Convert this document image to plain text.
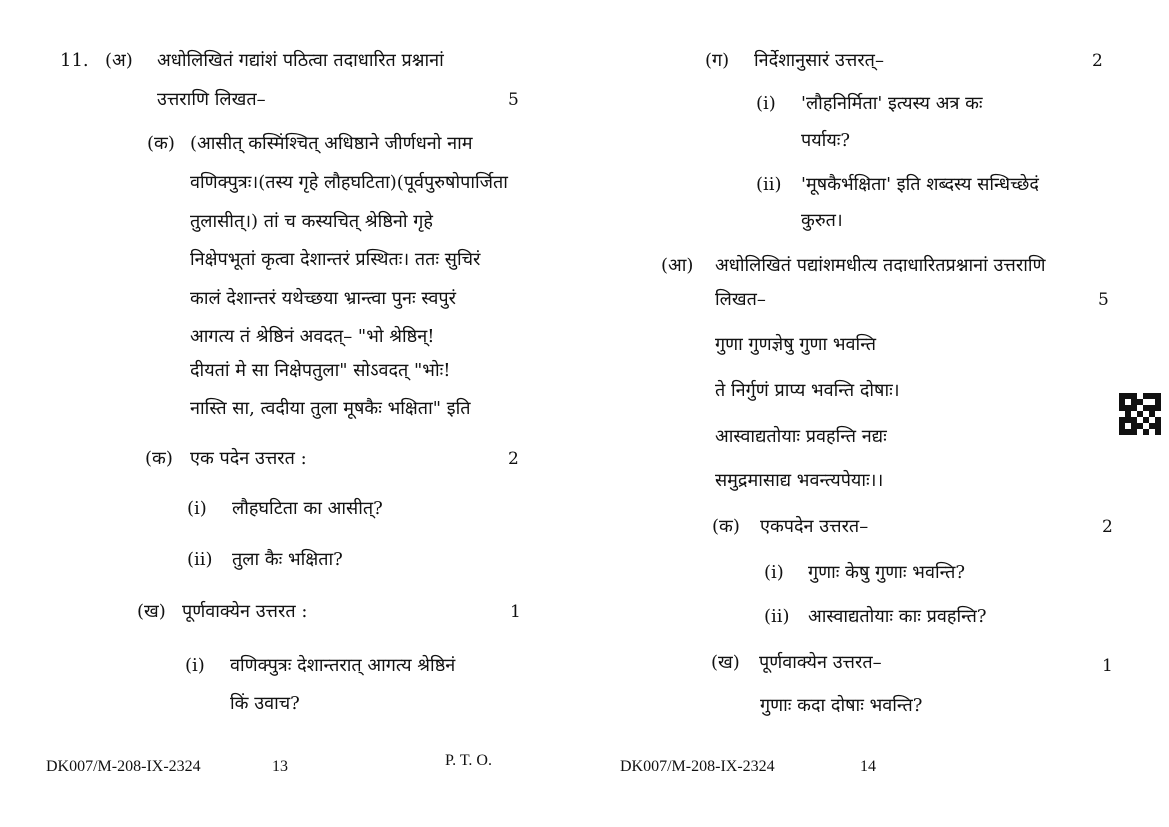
11. (अ) अधोलिखितं गद्यांशं पठित्वा तदाधारित प्रश्नानां
उत्तराणि लिखत–	5
(क) (आसीत् कस्मिंश्चित् अधिष्ठाने जीर्णधनो नाम
वणिक्पुत्रः।(तस्य गृहे लौहघटिता)(पूर्वपुरुषोपार्जिता
तुलासीत्।) तां च कस्यचित् श्रेष्ठिनो गृहे
निक्षेपभूतां कृत्वा देशान्तरं प्रस्थितः। ततः सुचिरं
कालं देशान्तरं यथेच्छया भ्रान्त्वा पुनः स्वपुरं
आगत्य तं श्रेष्ठिनं अवदत्– "भो श्रेष्ठिन्!
दीयतां मे सा निक्षेपतुला" सोऽवदत् "भोः!
नास्ति सा, त्वदीया तुला मूषकैः भक्षिता" इति
(क) एक पदेन उत्तरत :	2
(i) लौहघटिता का आसीत्?
(ii) तुला कैः भक्षिता?
(ख) पूर्णवाक्येन उत्तरत :	1
(i) वणिक्पुत्रः देशान्तरात् आगत्य श्रेष्ठिनं
किं उवाच?
DK007/M-208-IX-2324	13	P. T. O.
(ग) निर्देशानुसारं उत्तरत्–	2
(i) 'लौहनिर्मिता' इत्यस्य अत्र कः
पर्यायः?
(ii) 'मूषकैर्भक्षिता' इति शब्दस्य सन्धिच्छेदं
कुरुत।
(आ) अधोलिखितं पद्यांशमधीत्य तदाधारितप्रश्नानां उत्तराणि
लिखत–	5
गुणा गुणज्ञेषु गुणा भवन्ति
ते निर्गुणं प्राप्य भवन्ति दोषाः।
आस्वाद्यतोयाः प्रवहन्ति नद्यः
समुद्रमासाद्य भवन्त्यपेयाः।।
(क) एकपदेन उत्तरत–	2
(i) गुणाः केषु गुणाः भवन्ति?
(ii) आस्वाद्यतोयाः काः प्रवहन्ति?
(ख) पूर्णवाक्येन उत्तरत–	1
गुणाः कदा दोषाः भवन्ति?
DK007/M-208-IX-2324	14
